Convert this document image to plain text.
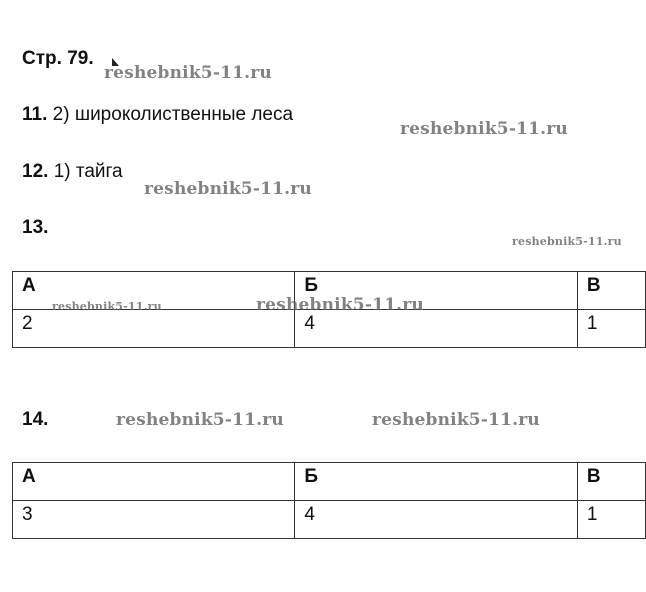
Стр. 79.
11. 2) широколиственные леса
12. 1) тайга
13.
А	Б	В
2	4	1
14.
А	Б	В
3	4	1
reshebnik5-11.ru
reshebnik5-11.ru
reshebnik5-11.ru
reshebnik5-11.ru
reshebnik5-11.ru	reshebnik5-11.ru
reshebnik5-11.ru	reshebnik5-11.ru
